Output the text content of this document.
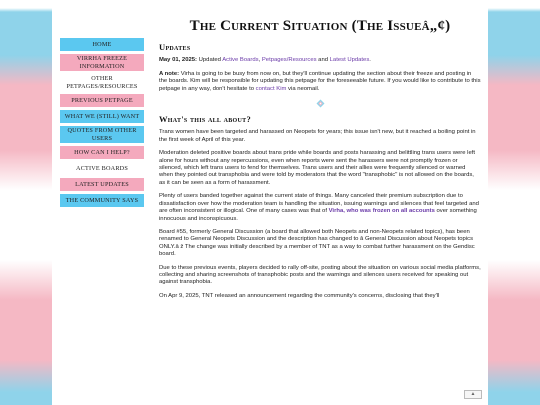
The Current Situation (The Issueâ„¢)
HOME
VIRRHA FREEZE INFORMATION
OTHER PETPAGES/RESOURCES
PREVIOUS PETPAGE
WHAT WE (STILL) WANT
QUOTES FROM OTHER USERS
HOW CAN I HELP?
ACTIVE BOARDS
LATEST UPDATES
THE COMMUNITY SAYS
Updates

May 01, 2025: Updated Active Boards, Petpages/Resources and Latest Updates.

A note: Virha is going to be busy from now on, but they'll continue updating the section about their freeze and posting in the boards. Kim will be responsible for updating this petpage for the foreseeable future. If you would like to contribute to this petpage in any way, don't hesitate to contact Kim via neomail.

What's this all about?

Trans women have been targeted and harassed on Neopets for years; this issue isn't new, but it reached a boiling point in the first week of April of this year.

Moderation deleted positive boards about trans pride while boards and posts harassing and belittling trans users were left alone for hours without any repercussions, even when reports were sent the harassers were not promptly frozen or silenced, which left trans users to fend for themselves. Trans users and their allies were frequently silenced or warned when they pointed out transphobia and were told by moderators that the word "transphobic" is not allowed on the boards, as it can be seen as a form of harassment.

Plenty of users banded together against the current state of things. Many canceled their premium subscription due to dissatisfaction over how the moderation team is handling the situation, issuing warnings and silences that feel targeted and are often inconsistent or illogical. One of many cases was that of Virha, who was frozen on all accounts over something innocuous and inconspicuous.

Board #55, formerly General Discussion (a board that allowed both Neopets and non-Neopets related topics), has been renamed to General Neopets Discussion and the description has changed to â General Discussion about Neopets topics ONLY.â ž The change was initially described by a member of TNT as a way to combat further harassment on the Gendisc board.

Due to these previous events, players decided to rally off-site, posting about the situation on various social media platforms, collecting and sharing screenshots of transphobic posts and the warnings and silences users received for speaking out against transphobia.

On Apr 9, 2025, TNT released an announcement regarding the community's concerns, disclosing that they'll

▲
